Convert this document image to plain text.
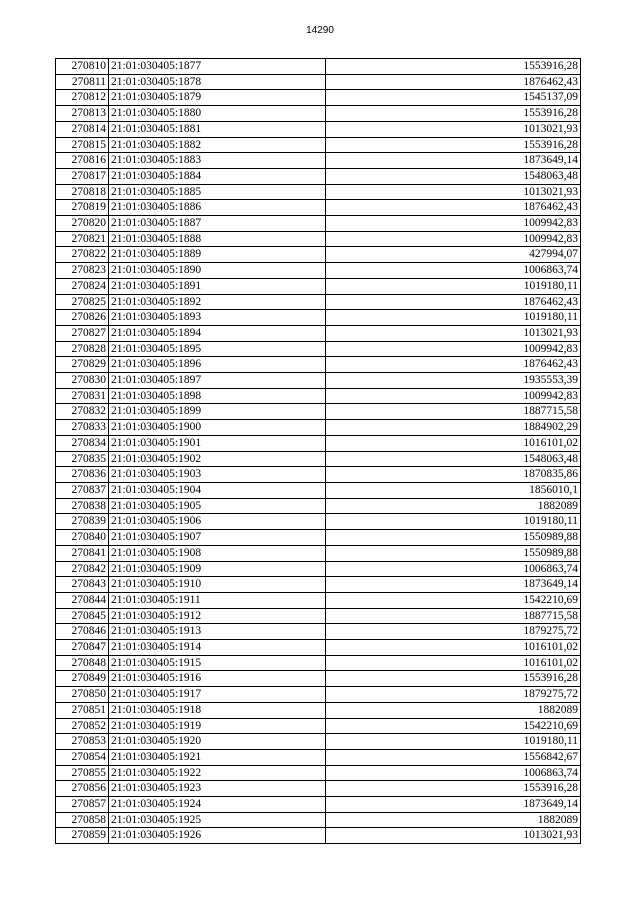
14290
270810	21:01:030405:1877	1553916,28
270811	21:01:030405:1878	1876462,43
270812	21:01:030405:1879	1545137,09
270813	21:01:030405:1880	1553916,28
270814	21:01:030405:1881	1013021,93
270815	21:01:030405:1882	1553916,28
270816	21:01:030405:1883	1873649,14
270817	21:01:030405:1884	1548063,48
270818	21:01:030405:1885	1013021,93
270819	21:01:030405:1886	1876462,43
270820	21:01:030405:1887	1009942,83
270821	21:01:030405:1888	1009942,83
270822	21:01:030405:1889	427994,07
270823	21:01:030405:1890	1006863,74
270824	21:01:030405:1891	1019180,11
270825	21:01:030405:1892	1876462,43
270826	21:01:030405:1893	1019180,11
270827	21:01:030405:1894	1013021,93
270828	21:01:030405:1895	1009942,83
270829	21:01:030405:1896	1876462,43
270830	21:01:030405:1897	1935553,39
270831	21:01:030405:1898	1009942,83
270832	21:01:030405:1899	1887715,58
270833	21:01:030405:1900	1884902,29
270834	21:01:030405:1901	1016101,02
270835	21:01:030405:1902	1548063,48
270836	21:01:030405:1903	1870835,86
270837	21:01:030405:1904	1856010,1
270838	21:01:030405:1905	1882089
270839	21:01:030405:1906	1019180,11
270840	21:01:030405:1907	1550989,88
270841	21:01:030405:1908	1550989,88
270842	21:01:030405:1909	1006863,74
270843	21:01:030405:1910	1873649,14
270844	21:01:030405:1911	1542210,69
270845	21:01:030405:1912	1887715,58
270846	21:01:030405:1913	1879275,72
270847	21:01:030405:1914	1016101,02
270848	21:01:030405:1915	1016101,02
270849	21:01:030405:1916	1553916,28
270850	21:01:030405:1917	1879275,72
270851	21:01:030405:1918	1882089
270852	21:01:030405:1919	1542210,69
270853	21:01:030405:1920	1019180,11
270854	21:01:030405:1921	1556842,67
270855	21:01:030405:1922	1006863,74
270856	21:01:030405:1923	1553916,28
270857	21:01:030405:1924	1873649,14
270858	21:01:030405:1925	1882089
270859	21:01:030405:1926	1013021,93
